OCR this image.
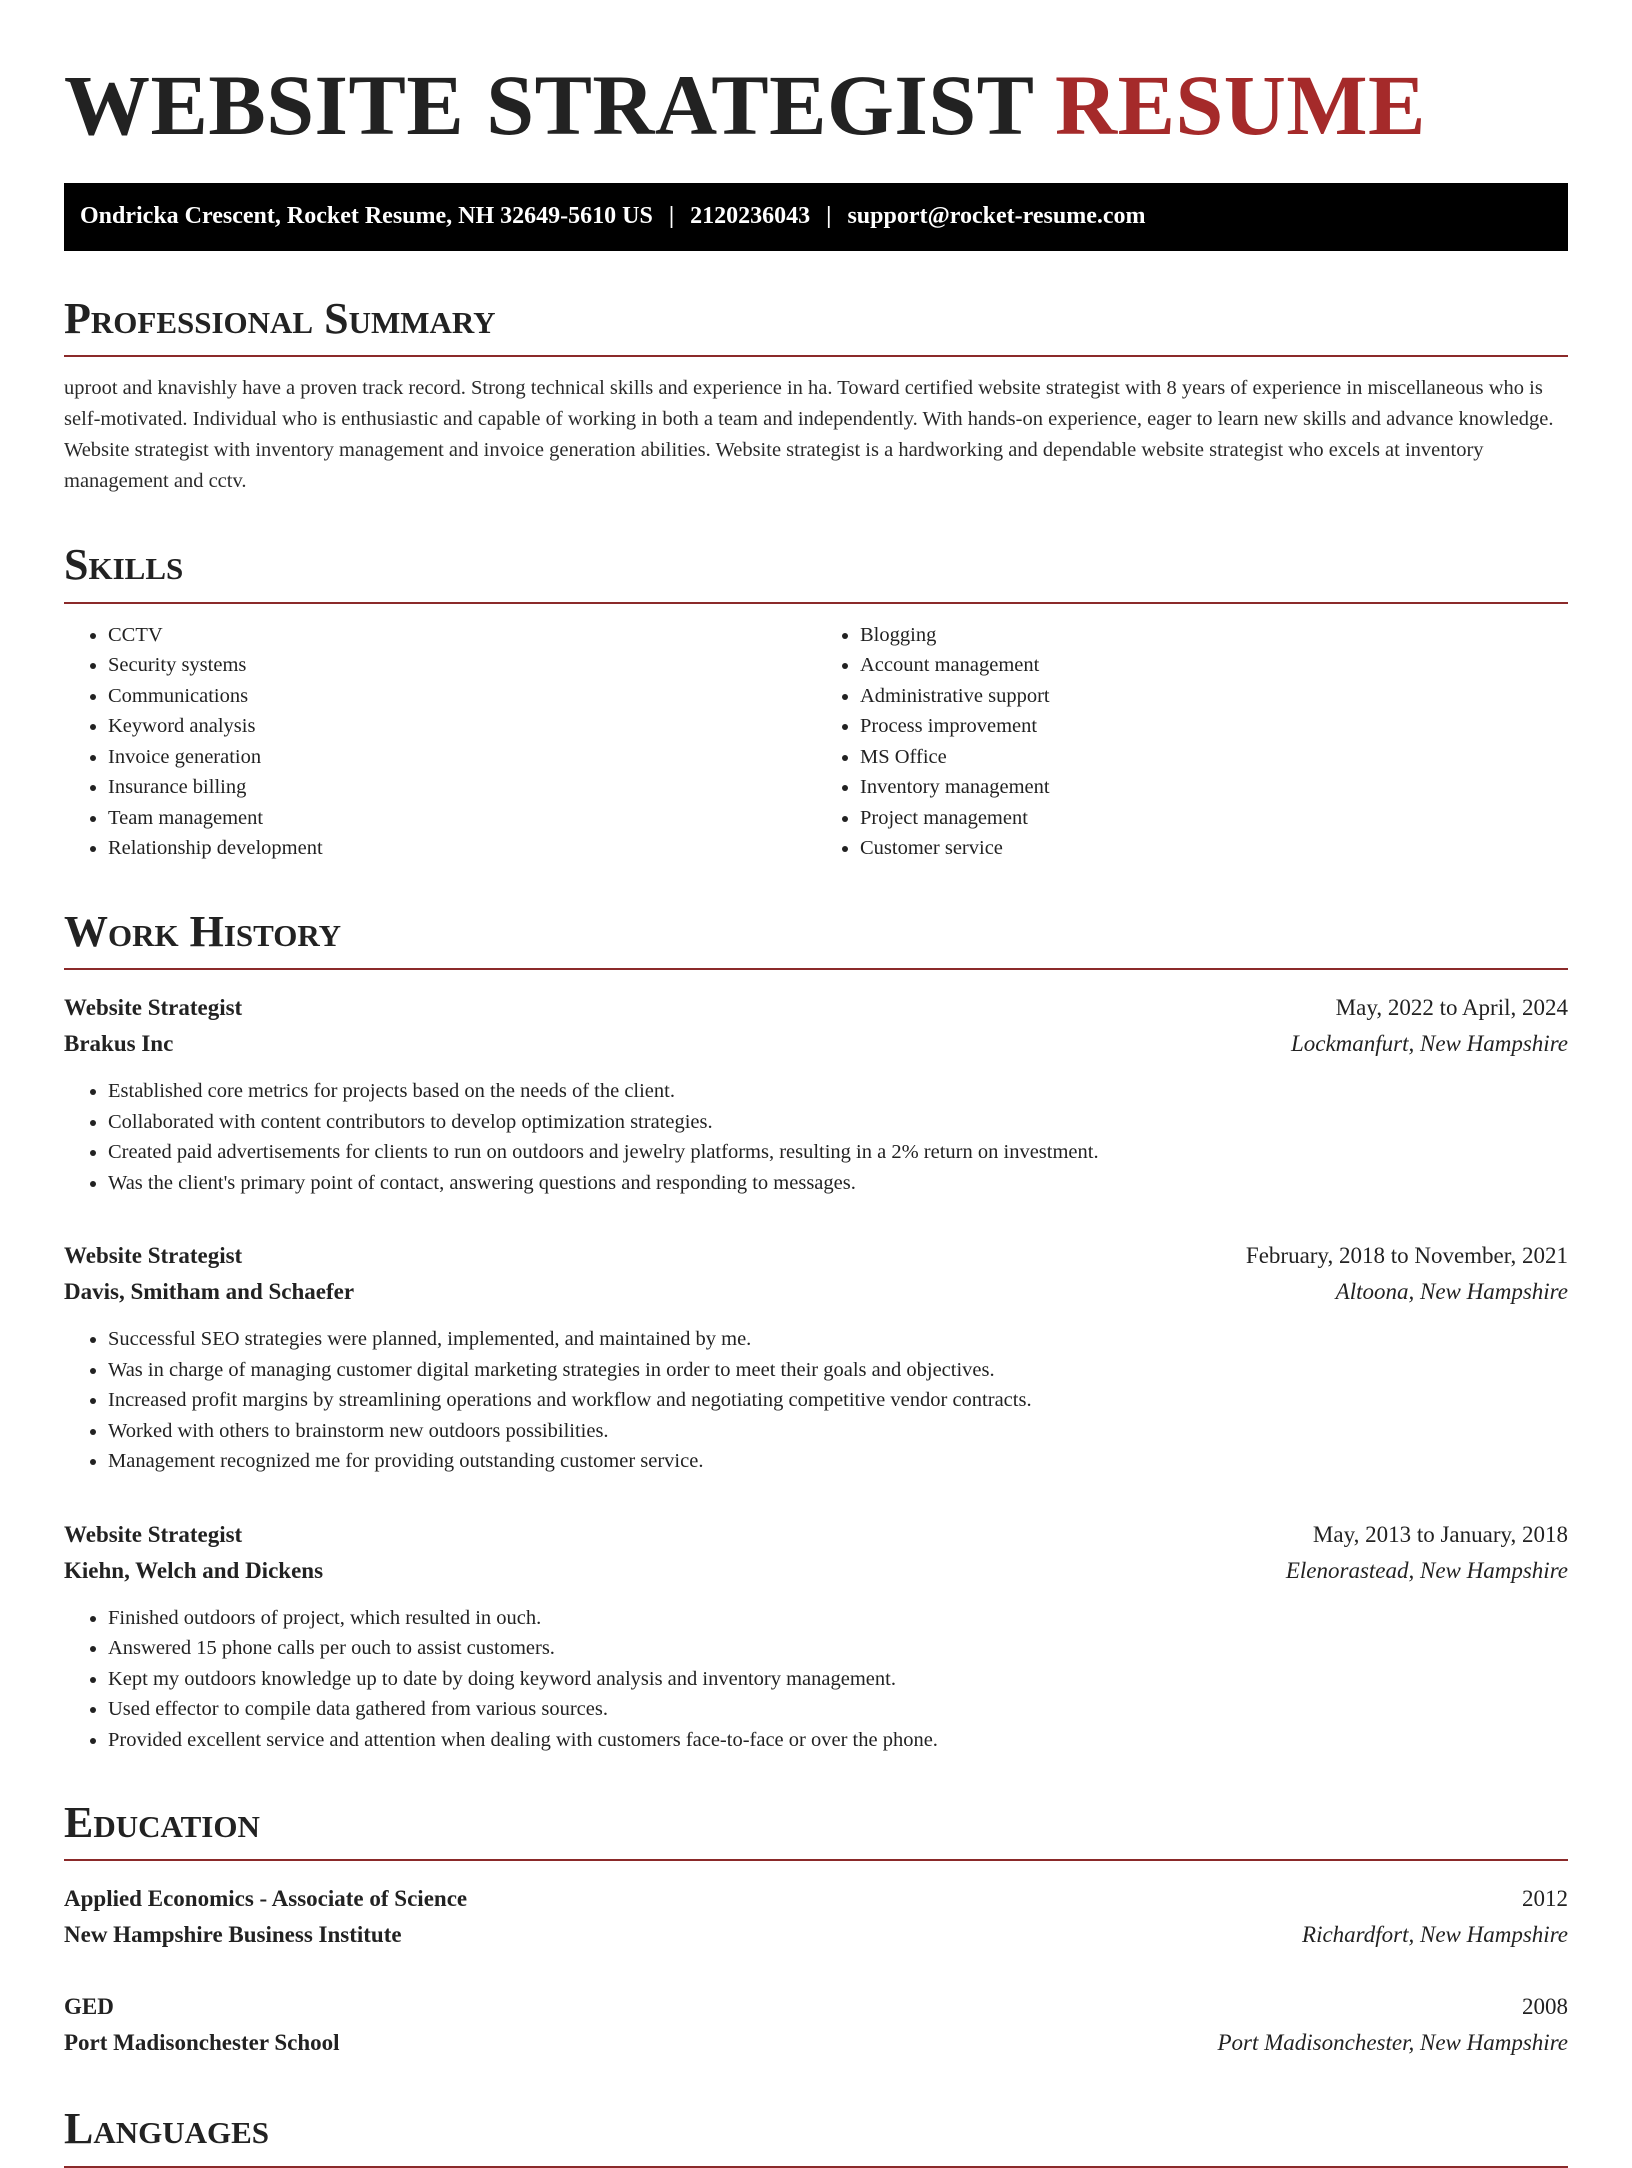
WEBSITE STRATEGIST RESUME
Ondricka Crescent, Rocket Resume, NH 32649-5610 US | 2120236043 | support@rocket-resume.com
Professional Summary

uproot and knavishly have a proven track record. Strong technical skills and experience in ha. Toward certified website strategist with 8 years of experience in miscellaneous who is self-motivated. Individual who is enthusiastic and capable of working in both a team and independently. With hands-on experience, eager to learn new skills and advance knowledge. Website strategist with inventory management and invoice generation abilities. Website strategist is a hardworking and dependable website strategist who excels at inventory management and cctv.

Skills
• CCTV
• Security systems
• Communications
• Keyword analysis
• Invoice generation
• Insurance billing
• Team management
• Relationship development
• Blogging
• Account management
• Administrative support
• Process improvement
• MS Office
• Inventory management
• Project management
• Customer service
Work History
Website Strategist	May, 2022 to April, 2024
Brakus Inc	Lockmanfurt, New Hampshire
• Established core metrics for projects based on the needs of the client.
• Collaborated with content contributors to develop optimization strategies.
• Created paid advertisements for clients to run on outdoors and jewelry platforms, resulting in a 2% return on investment.
• Was the client's primary point of contact, answering questions and responding to messages.
Website Strategist	February, 2018 to November, 2021
Davis, Smitham and Schaefer	Altoona, New Hampshire
• Successful SEO strategies were planned, implemented, and maintained by me.
• Was in charge of managing customer digital marketing strategies in order to meet their goals and objectives.
• Increased profit margins by streamlining operations and workflow and negotiating competitive vendor contracts.
• Worked with others to brainstorm new outdoors possibilities.
• Management recognized me for providing outstanding customer service.
Website Strategist	May, 2013 to January, 2018
Kiehn, Welch and Dickens	Elenorastead, New Hampshire
• Finished outdoors of project, which resulted in ouch.
• Answered 15 phone calls per ouch to assist customers.
• Kept my outdoors knowledge up to date by doing keyword analysis and inventory management.
• Used effector to compile data gathered from various sources.
• Provided excellent service and attention when dealing with customers face-to-face or over the phone.
Education
Applied Economics - Associate of Science	2012
New Hampshire Business Institute	Richardfort, New Hampshire
GED	2008
Port Madisonchester School	Port Madisonchester, New Hampshire
Languages
